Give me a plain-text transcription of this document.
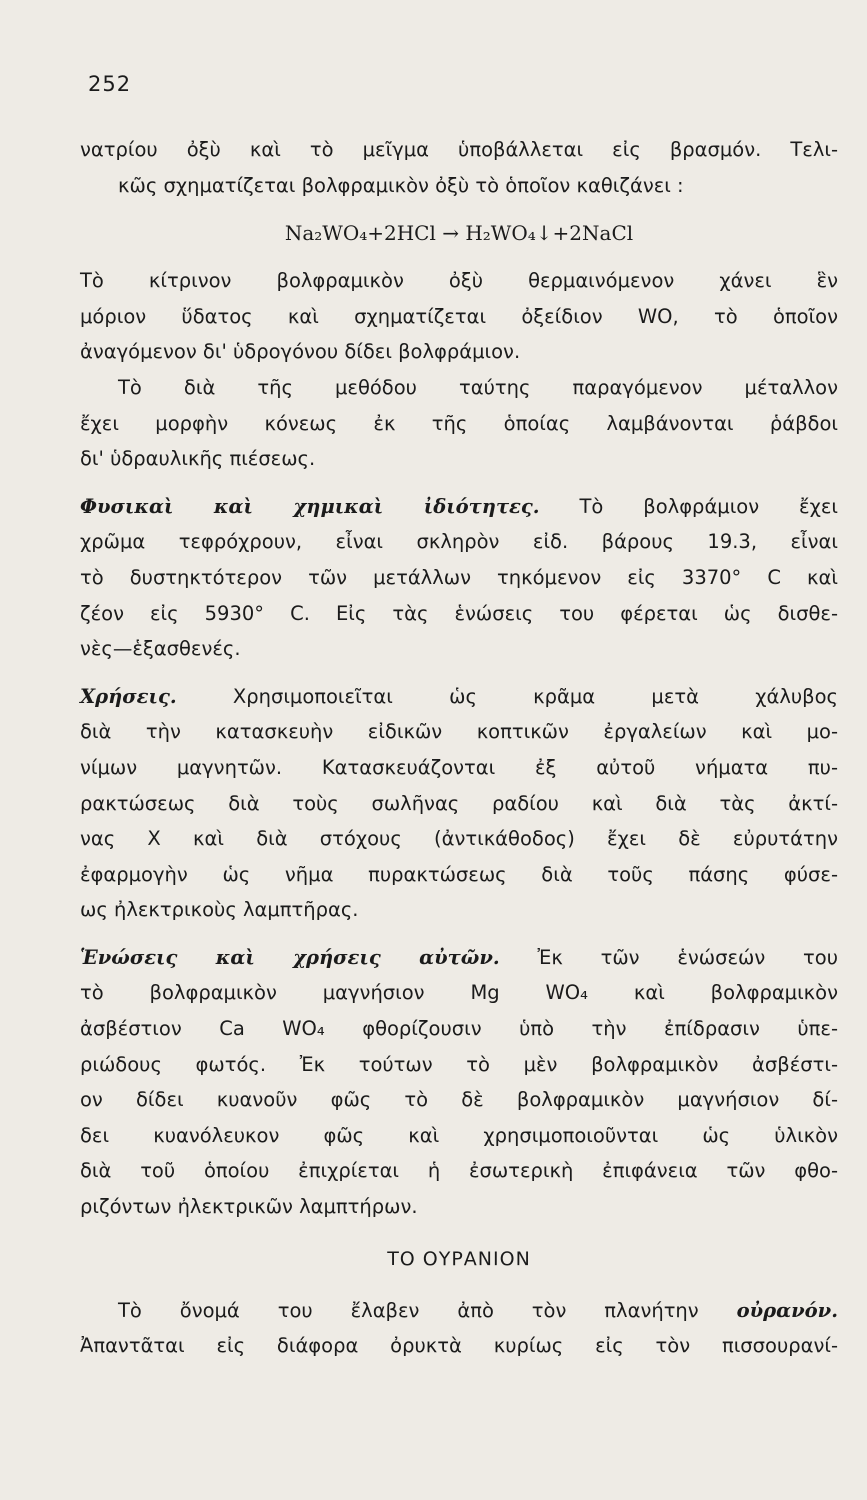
252
νατρίου ὀξὺ καὶ τὸ μεῖγμα ὑποβάλλεται εἰς βρασμόν. Τελι-
κῶς σχηματίζεται βολφραμικὸν ὀξὺ τὸ ὁποῖον καθιζάνει :
Na₂WO₄+2HCl → H₂WO₄↓+2NaCl
Τὸ κίτρινον βολφραμικὸν ὀξὺ θερμαινόμενον χάνει ἓν
μόριον ὕδατος καὶ σχηματίζεται ὀξείδιον WO, τὸ ὁποῖον
ἀναγόμενον δι' ὑδρογόνου δίδει βολφράμιον.
Τὸ διὰ τῆς μεθόδου ταύτης παραγόμενον μέταλλον
ἔχει μορφὴν κόνεως ἐκ τῆς ὁποίας λαμβάνονται ῥάβδοι
δι' ὑδραυλικῆς πιέσεως.
Φυσικαὶ καὶ χημικαὶ ἰδιότητες. Τὸ βολφράμιον ἔχει
χρῶμα τεφρόχρουν, εἶναι σκληρὸν εἰδ. βάρους 19.3, εἶναι
τὸ δυστηκτότερον τῶν μετάλλων τηκόμενον εἰς 3370° C καὶ
ζέον εἰς 5930° C. Εἰς τὰς ἑνώσεις του φέρεται ὡς δισθε-
νὲς—ἑξασθενές.
Χρήσεις.	Χρησιμοποιεῖται ὡς κρᾶμα μετὰ χάλυβος
διὰ τὴν κατασκευὴν εἰδικῶν κοπτικῶν ἐργαλείων καὶ μο-
νίμων μαγνητῶν. Κατασκευάζονται ἐξ αὐτοῦ νήματα πυ-
ρακτώσεως διὰ τοὺς σωλῆνας ραδίου καὶ διὰ τὰς ἀκτί-
νας Χ καὶ διὰ στόχους (ἀντικάθοδος) ἔχει δὲ εὐρυτάτην
ἐφαρμογὴν ὡς νῆμα πυρακτώσεως διὰ τοῦς πάσης φύσε-
ως ἠλεκτρικοὺς λαμπτῆρας.
Ἑνώσεις καὶ χρήσεις αὐτῶν. Ἐκ τῶν ἑνώσεών του
τὸ βολφραμικὸν μαγνήσιον Mg WO₄ καὶ βολφραμικὸν
ἀσβέστιον Ca WO₄ φθορίζουσιν ὑπὸ τὴν ἐπίδρασιν ὑπε-
ριώδους φωτός. Ἐκ τούτων τὸ μὲν βολφραμικὸν ἀσβέστι-
ον δίδει κυανοῦν φῶς τὸ δὲ βολφραμικὸν μαγνήσιον δί-
δει κυανόλευκον φῶς καὶ χρησιμοποιοῦνται ὡς ὑλικὸν
διὰ τοῦ ὁποίου ἐπιχρίεται ἡ ἐσωτερικὴ ἐπιφάνεια τῶν φθο-
ριζόντων ἠλεκτρικῶν λαμπτήρων.
ΤΟ ΟΥΡΑΝΙΟΝ
Τὸ ὄνομά του ἔλαβεν ἀπὸ τὸν πλανήτην οὐρανόν.
Ἀπαντᾶται εἰς διάφορα ὀρυκτὰ κυρίως εἰς τὸν πισσουρανί-
